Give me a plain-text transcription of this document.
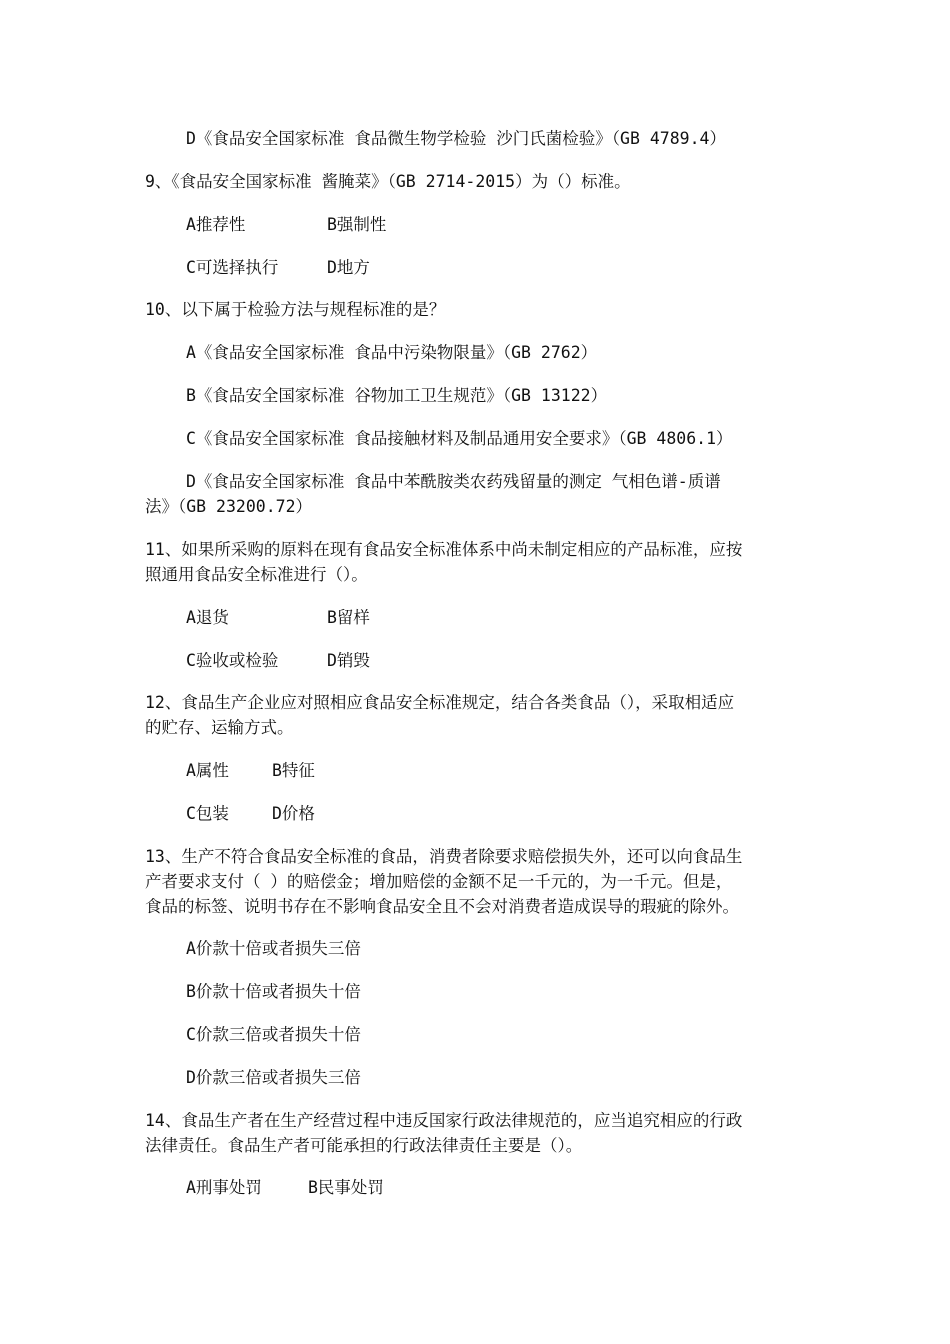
D《食品安全国家标准 食品微生物学检验 沙门氏菌检验》（GB 4789.4）
9、《食品安全国家标准 酱腌菜》（GB 2714-2015）为（）标准。
A推荐性	B强制性
C可选择执行	D地方
10、以下属于检验方法与规程标准的是？
A《食品安全国家标准 食品中污染物限量》（GB 2762）
B《食品安全国家标准 谷物加工卫生规范》（GB 13122）
C《食品安全国家标准 食品接触材料及制品通用安全要求》（GB 4806.1）
D《食品安全国家标准 食品中苯酰胺类农药残留量的测定 气相色谱-质谱
法》（GB 23200.72）
11、如果所采购的原料在现有食品安全标准体系中尚未制定相应的产品标准，应按
照通用食品安全标准进行（）。
A退货	B留样
C验收或检验	D销毁
12、食品生产企业应对照相应食品安全标准规定，结合各类食品（），采取相适应
的贮存、运输方式。
A属性	B特征
C包装	D价格
13、生产不符合食品安全标准的食品，消费者除要求赔偿损失外，还可以向食品生
产者要求支付（ ）的赔偿金；增加赔偿的金额不足一千元的，为一千元。但是，
食品的标签、说明书存在不影响食品安全且不会对消费者造成误导的瑕疵的除外。
A价款十倍或者损失三倍
B价款十倍或者损失十倍
C价款三倍或者损失十倍
D价款三倍或者损失三倍
14、食品生产者在生产经营过程中违反国家行政法律规范的，应当追究相应的行政
法律责任。食品生产者可能承担的行政法律责任主要是（）。
A刑事处罚	B民事处罚
